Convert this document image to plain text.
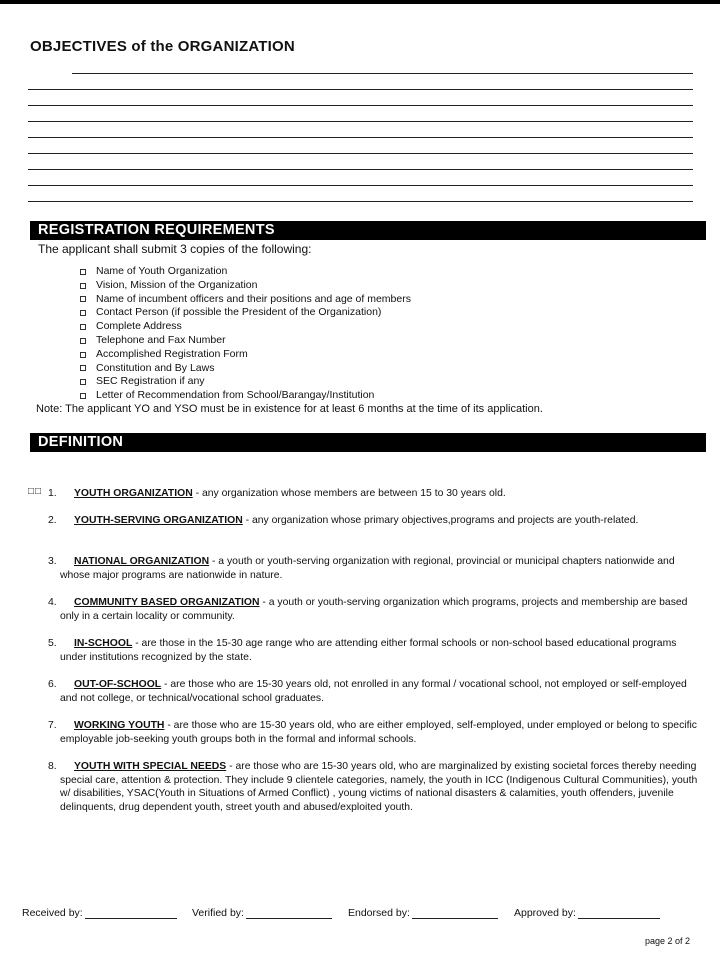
OBJECTIVES of the ORGANIZATION
REGISTRATION REQUIREMENTS
The applicant shall submit 3 copies of the following:
Name of Youth Organization
Vision, Mission of the Organization
Name of incumbent officers and their positions and age of members
Contact Person (if possible the President of the Organization)
Complete Address
Telephone and Fax Number
Accomplished Registration Form
Constitution and By Laws
SEC Registration if any
Letter of Recommendation from School/Barangay/Institution
Note: The applicant YO and YSO must be in existence for at least 6 months at the time of its application.
DEFINITION
□□ 1.	YOUTH ORGANIZATION - any organization whose members are between 15 to 30 years old.
2.	YOUTH-SERVING ORGANIZATION - any organization whose primary objectives,programs and projects are youth-related.
3.	NATIONAL ORGANIZATION - a youth or youth-serving organization with regional, provincial or municipal chapters nationwide and whose major programs are nationwide in nature.
4.	COMMUNITY BASED ORGANIZATION - a youth or youth-serving organization which programs, projects and membership are based only in a certain locality or community.
5.	IN-SCHOOL - are those in the 15-30 age range who are attending either formal schools or non-school based educational programs under institutions recognized by the state.
6.	OUT-OF-SCHOOL - are those who are 15-30 years old, not enrolled in any formal / vocational school, not employed or self-employed and not college, or technical/vocational school graduates.
7.	WORKING YOUTH - are those who are 15-30 years old, who are either employed, self-employed, under employed or belong to specific employable job-seeking youth groups both in the formal and informal schools.
8.	YOUTH WITH SPECIAL NEEDS - are those who are 15-30 years old, who are marginalized by existing societal forces thereby needing special care, attention & protection. They include 9 clientele categories, namely, the youth in ICC (Indigenous Cultural Communities), youth w/ disabilities, YSAC(Youth in Situations of Armed Conflict) , young victims of national disasters & calamities, youth offenders, juvenile delinquents, drug dependent youth, street youth and abused/exploited youth.
Received by:	Verified by:	Endorsed by:	Approved by:
page 2 of 2
